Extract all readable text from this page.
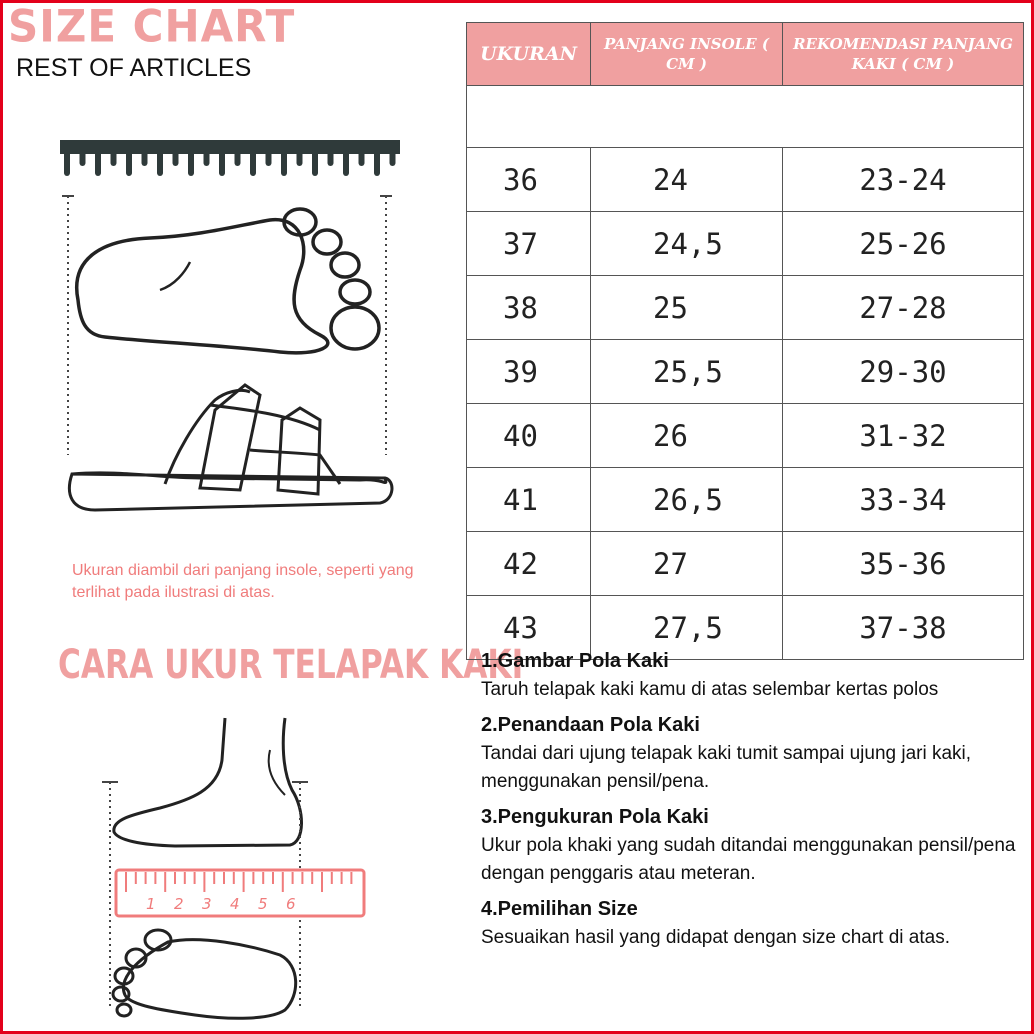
SIZE CHART
REST OF ARTICLES
1 2 3 4 5 6
Ukuran diambil dari panjang insole, seperti yang terlihat pada ilustrasi di atas.
CARA UKUR TELAPAK KAKI
UKURAN	PANJANG INSOLE ( CM )	REKOMENDASI PANJANG KAKI ( CM )

36	24	23-24
37	24,5	25-26
38	25	27-28
39	25,5	29-30
40	26	31-32
41	26,5	33-34
42	27	35-36
43	27,5	37-38
1.Gambar Pola Kaki
Taruh telapak kaki kamu di atas selembar kertas polos
2.Penandaan Pola Kaki
Tandai dari ujung telapak kaki tumit sampai ujung jari kaki, menggunakan pensil/pena.
3.Pengukuran Pola Kaki
Ukur pola khaki yang sudah ditandai menggunakan pensil/pena dengan penggaris atau meteran.
4.Pemilihan Size
Sesuaikan hasil yang didapat dengan size chart di atas.
